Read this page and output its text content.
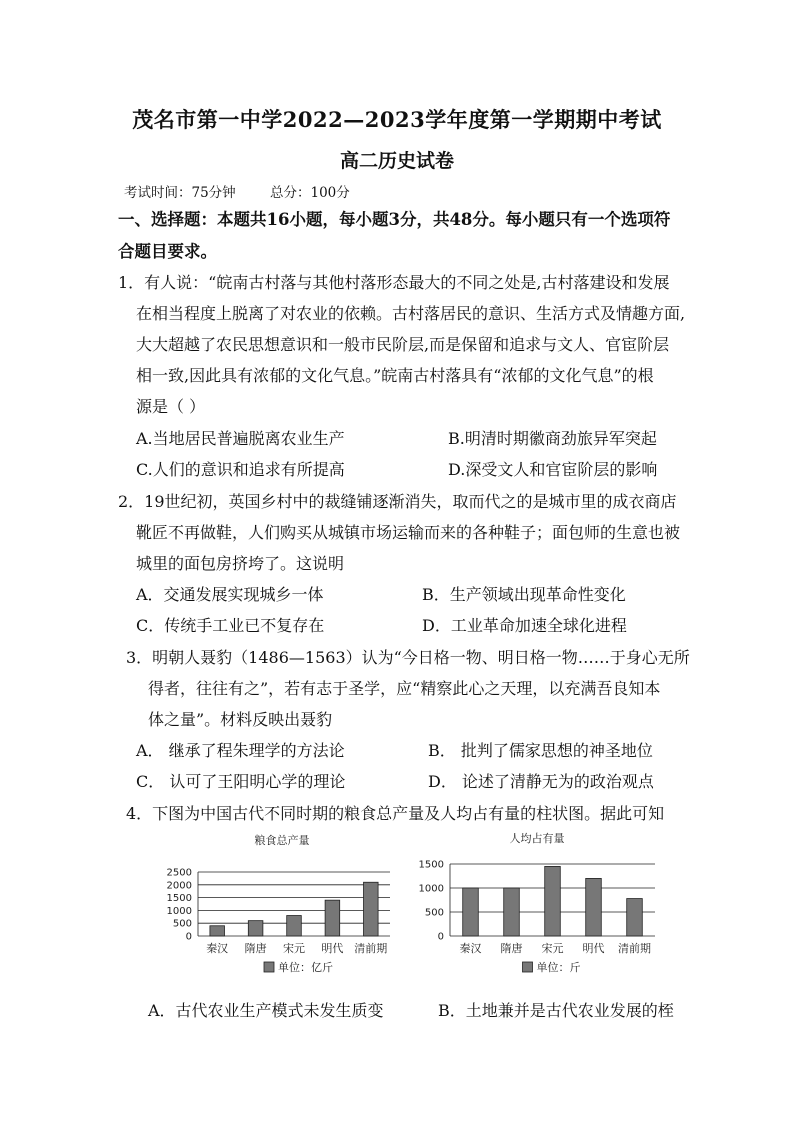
茂名市第一中学2022—2023学年度第一学期期中考试
高二历史试卷
考试时间：75分钟	总分：100分
一、选择题：本题共16小题，每小题3分，共48分。每小题只有一个选项符
合题目要求。
1．有人说：“皖南古村落与其他村落形态最大的不同之处是,古村落建设和发展
在相当程度上脱离了对农业的依赖。古村落居民的意识、生活方式及情趣方面,
大大超越了农民思想意识和一般市民阶层,而是保留和追求与文人、官宦阶层
相一致,因此具有浓郁的文化气息。”皖南古村落具有“浓郁的文化气息”的根
源是（ ）
A.当地居民普遍脱离农业生产	B.明清时期徽商劲旅异军突起
C.人们的意识和追求有所提高	D.深受文人和官宦阶层的影响
2．19世纪初，英国乡村中的裁缝铺逐渐消失，取而代之的是城市里的成衣商店
靴匠不再做鞋，人们购买从城镇市场运输而来的各种鞋子；面包师的生意也被
城里的面包房挤垮了。这说明
A．交通发展实现城乡一体	B．生产领域出现革命性变化
C．传统手工业已不复存在	D．工业革命加速全球化进程
3．明朝人聂豹（1486—1563）认为“今日格一物、明日格一物……于身心无所
得者，往往有之”，若有志于圣学，应“精察此心之天理，以充满吾良知本
体之量”。材料反映出聂豹
A． 继承了程朱理学的方法论	B． 批判了儒家思想的神圣地位
C． 认可了王阳明心学的理论	D． 论述了清静无为的政治观点
4．下图为中国古代不同时期的粮食总产量及人均占有量的柱状图。据此可知
粮食总产量
0
500
1000
1500
2000
2500
秦汉 隋唐 宋元 明代 清前期
单位：亿斤
人均占有量
0
500
1000
1500
秦汉 隋唐 宋元 明代 清前期
单位：斤
A．古代农业生产模式未发生质变	B．土地兼并是古代农业发展的桎
